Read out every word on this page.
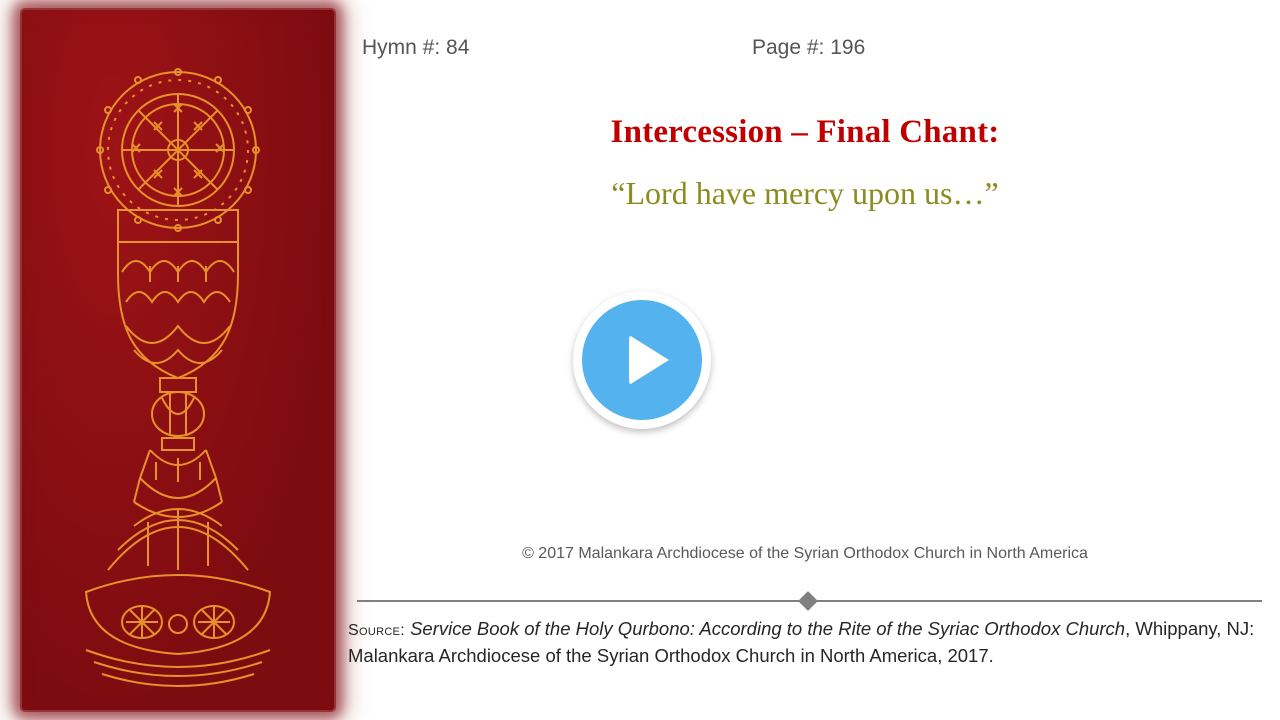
Hymn #: 84	Page #: 196
Intercession – Final Chant:
“Lord have mercy upon us…”
© 2017 Malankara Archdiocese of the Syrian Orthodox Church in North America
Source: Service Book of the Holy Qurbono: According to the Rite of the Syriac Orthodox Church, Whippany, NJ: Malankara Archdiocese of the Syrian Orthodox Church in North America, 2017.
